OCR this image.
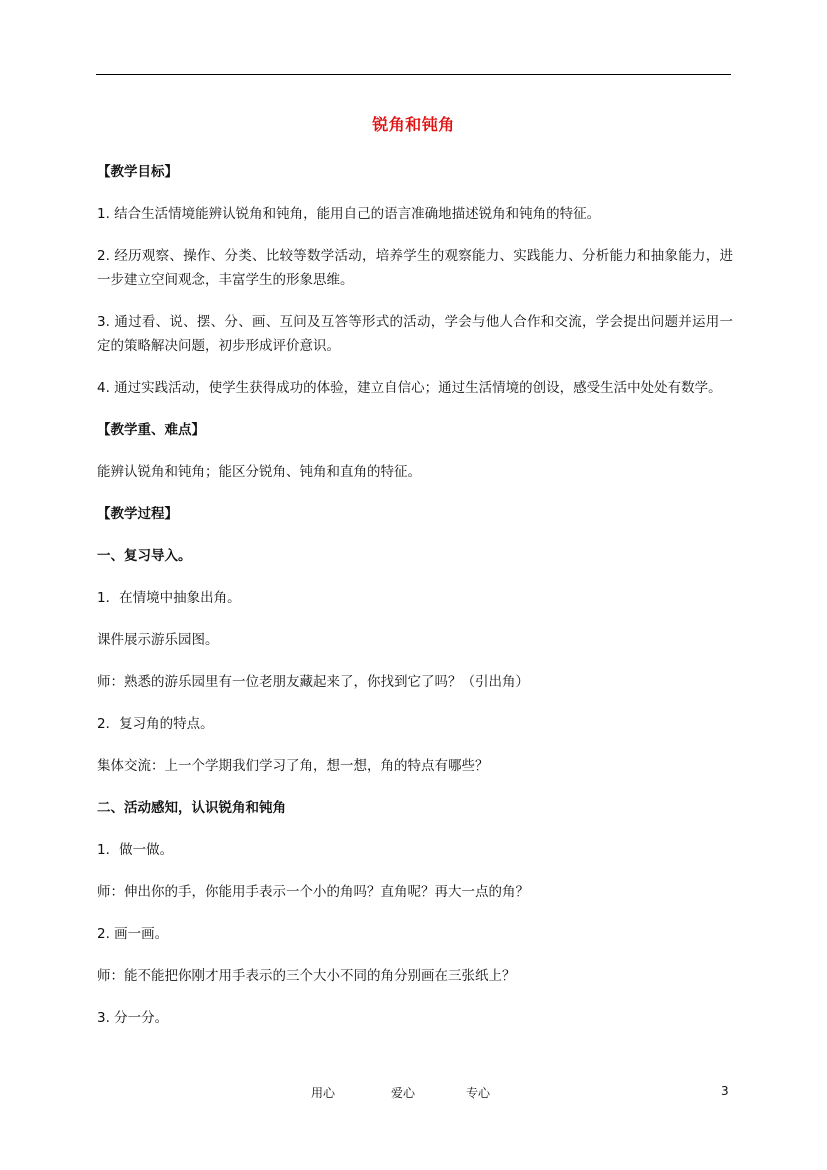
锐角和钝角

【教学目标】

1. 结合生活情境能辨认锐角和钝角，能用自己的语言准确地描述锐角和钝角的特征。

2. 经历观察、操作、分类、比较等数学活动，培养学生的观察能力、实践能力、分析能力和抽象能力，进一步建立空间观念，丰富学生的形象思维。

3. 通过看、说、摆、分、画、互问及互答等形式的活动，学会与他人合作和交流，学会提出问题并运用一定的策略解决问题，初步形成评价意识。

4. 通过实践活动，使学生获得成功的体验，建立自信心；通过生活情境的创设，感受生活中处处有数学。

【教学重、难点】

能辨认锐角和钝角；能区分锐角、钝角和直角的特征。

【教学过程】

一、复习导入。

1．在情境中抽象出角。

课件展示游乐园图。

师：熟悉的游乐园里有一位老朋友藏起来了，你找到它了吗？（引出角）

2．复习角的特点。

集体交流：上一个学期我们学习了角，想一想，角的特点有哪些？

二、活动感知，认识锐角和钝角

1．做一做。

师：伸出你的手，你能用手表示一个小的角吗？直角呢？再大一点的角？

2. 画一画。

师：能不能把你刚才用手表示的三个大小不同的角分别画在三张纸上？

3. 分一分。

用心	爱心	专心	3
